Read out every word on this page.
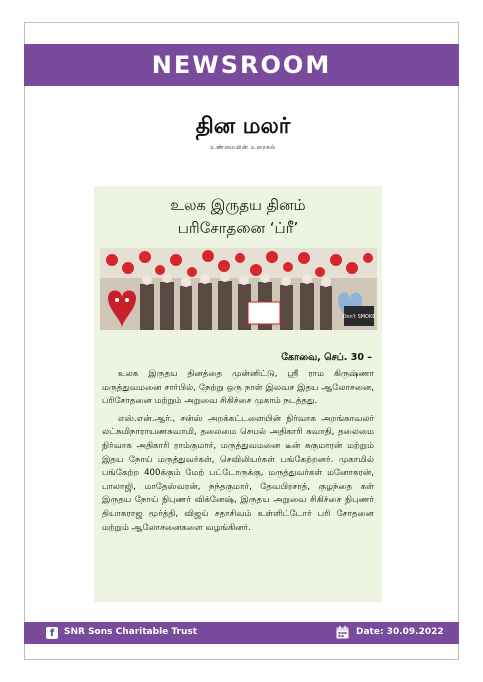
NEWSROOM
தின மலர்
உண்மையின் உரைகல்
உலக இருதய தினம்
பரிசோதனை ‘ப்ரீ’
Don't SMOKE
கோவை, செப். 30 –

உலக இருதய தினத்தை முன்னிட்டு, ஸ்ரீ ராம கிருஷ்ணா மருத்துவமனை சார்பில், நேற்று ஒரு நாள் இலவச இதய ஆலோசனை, பரிசோதனை மற்றும் அறுவை சிகிச்சை முகாம் நடத்தது.

எஸ்.என்.ஆர்., சன்ஸ் அறக்கட்டளையின் நிர்வாக அறங்காவலர் லட்சுமிநாராயணசுவாமி, தலைமை செயல் அதிகாரி சுவாதி, தலைமை நிர்வாக அதிகாரி ராம்குமார், மருத்துவமனை டீன் சுகுமாரன் மற்றும் இதய நோய் மருத்துவர்கள், செவிலியர்கள் பங்கேற்றனர். முகாமில் பங்கேற்ற 400க்கும் மேற் பட்டோருக்கு, மருத்துவர்கள் மனோகரன், பாலாஜி, மாதேஸ்வரன், நந்தகுமார், தேவபிரசாத், குழந்தை கள் இருதய நோய் நிபுணர் விக்னேஷ், இருதய அறுவை சிகிச்சை நிபுணர் தியாகராஜ மூர்த்தி, விஜய் சதாசிவம் உள்ளிட்டோர் பரி சோதனை மற்றும் ஆலோசனைகளை வழங்கினர்.

f	SNR Sons Charitable Trust	Date: 30.09.2022
